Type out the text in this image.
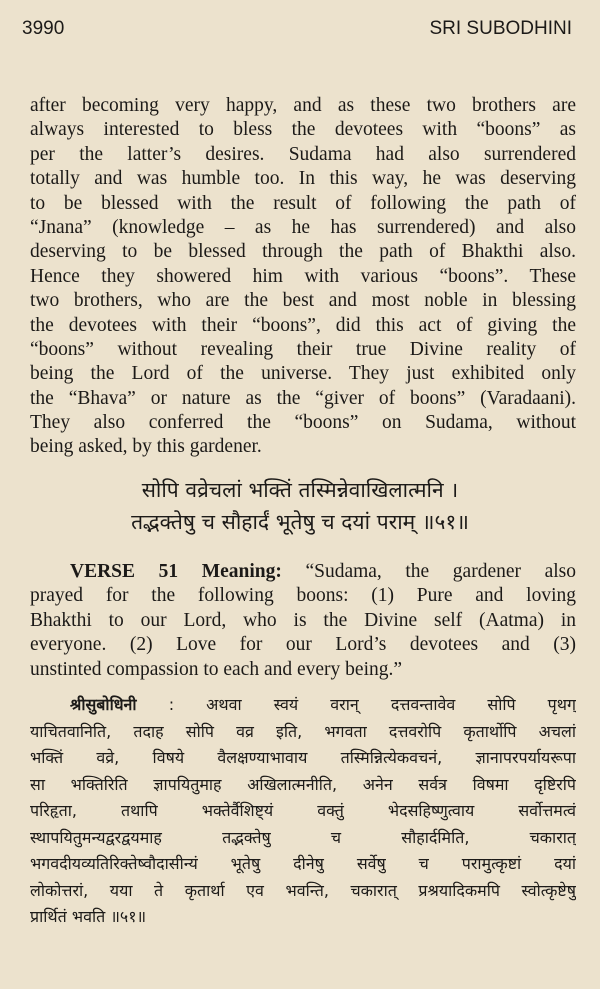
3990	SRI SUBODHINI
after becoming very happy, and as these two brothers are
always interested to bless the devotees with “boons” as
per the latter’s desires. Sudama had also surrendered
totally and was humble too. In this way, he was deserving
to be blessed with the result of following the path of
“Jnana” (knowledge – as he has surrendered) and also
deserving to be blessed through the path of Bhakthi also.
Hence they showered him with various “boons”. These
two brothers, who are the best and most noble in blessing
the devotees with their “boons”, did this act of giving the
“boons” without revealing their true Divine reality of
being the Lord of the universe. They just exhibited only
the “Bhava” or nature as the “giver of boons” (Varadaani).
They also conferred the “boons” on Sudama, without
being asked, by this gardener.
सोपि वव्रेचलां भक्तिं तस्मिन्नेवाखिलात्मनि ।
तद्भक्तेषु च सौहार्दं भूतेषु च दयां पराम् ॥५१॥
VERSE 51 Meaning: “Sudama, the gardener also
prayed for the following boons: (1) Pure and loving
Bhakthi to our Lord, who is the Divine self (Aatma) in
everyone. (2) Love for our Lord’s devotees and (3)
unstinted compassion to each and every being.”
श्रीसुबोधिनी : अथवा स्वयं वरान् दत्तवन्तावेव सोपि पृथग्
याचितवानिति, तदाह सोपि वव्र इति, भगवता दत्तवरोपि कृतार्थोपि अचलां
भक्तिं वव्रे, विषये वैलक्षण्याभावाय तस्मिन्नित्येकवचनं, ज्ञानापरपर्यायरूपा
सा भक्तिरिति ज्ञापयितुमाह अखिलात्मनीति, अनेन सर्वत्र विषमा दृष्टिरपि
परिहृता, तथापि भक्तेर्वैशिष्ट्यं वक्तुं भेदसहिष्णुत्वाय सर्वोत्तमत्वं
स्थापयितुमन्यद्वरद्वयमाह तद्भक्तेषु च सौहार्दमिति, चकारात्
भगवदीयव्यतिरिक्तेष्वौदासीन्यं भूतेषु दीनेषु सर्वेषु च परामुत्कृष्टां दयां
लोकोत्तरां, यया ते कृतार्था एव भवन्ति, चकारात् प्रश्रयादिकमपि स्वोत्कृष्टेषु
प्रार्थितं भवति ॥५१॥
